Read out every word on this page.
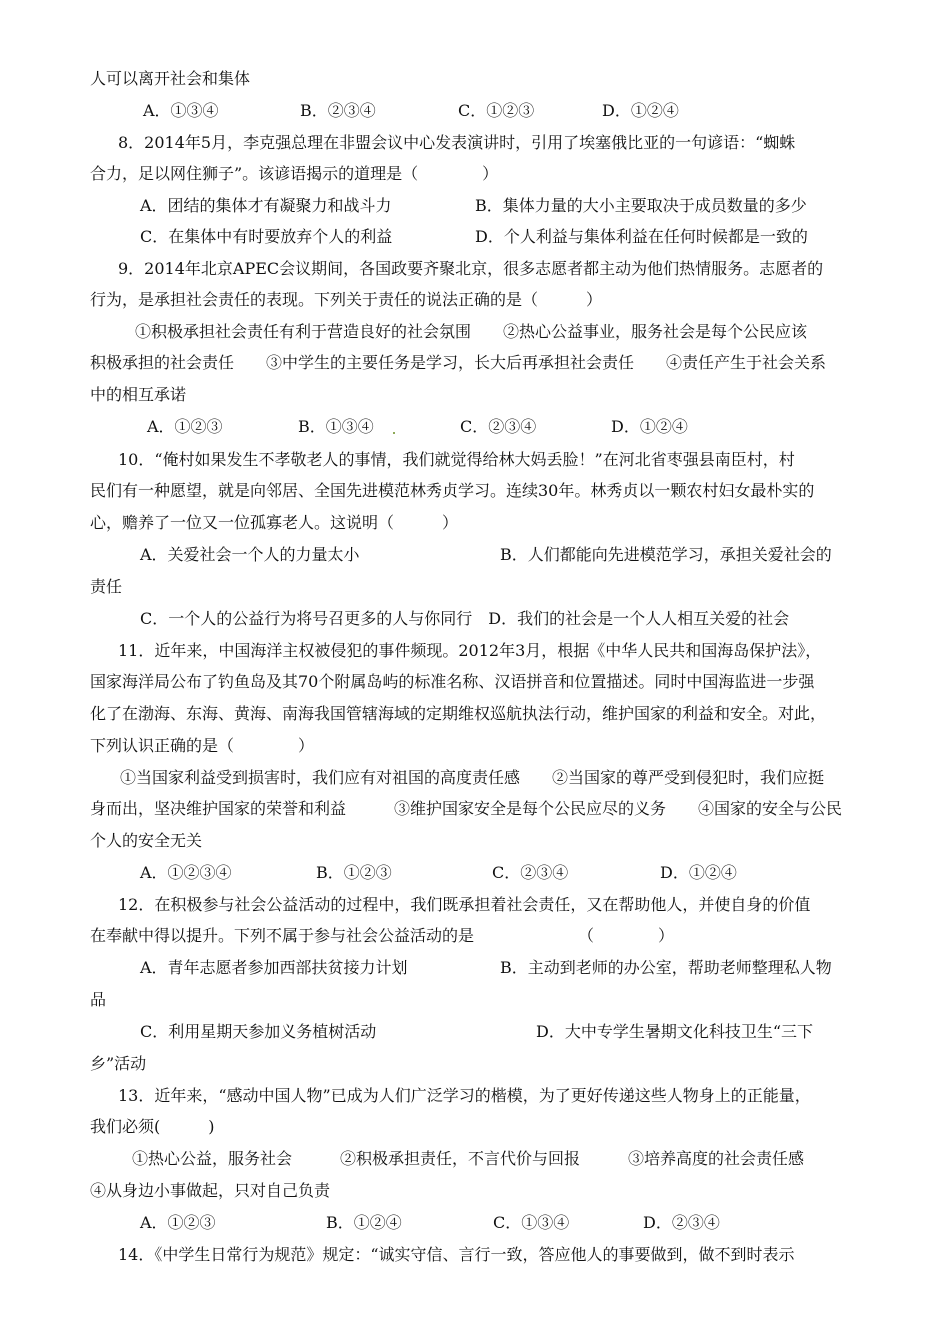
人可以离开社会和集体
A．①③④	B．②③④	C．①②③	D．①②④
8．2014年5月，李克强总理在非盟会议中心发表演讲时，引用了埃塞俄比亚的一句谚语：“蜘蛛
合力，足以网住狮子”。该谚语揭示的道理是（　　　　）
A．团结的集体才有凝聚力和战斗力	B．集体力量的大小主要取决于成员数量的多少
C．在集体中有时要放弃个人的利益	D．个人利益与集体利益在任何时候都是一致的
9．2014年北京APEC会议期间，各国政要齐聚北京，很多志愿者都主动为他们热情服务。志愿者的
行为，是承担社会责任的表现。下列关于责任的说法正确的是（　　　）
①积极承担社会责任有利于营造良好的社会氛围　　②热心公益事业，服务社会是每个公民应该
积极承担的社会责任　　③中学生的主要任务是学习，长大后再承担社会责任　　④责任产生于社会关系
中的相互承诺
A．①②③	B．①③④	C．②③④	D．①②④
10．“俺村如果发生不孝敬老人的事情，我们就觉得给林大妈丢脸！”在河北省枣强县南臣村，村
民们有一种愿望，就是向邻居、全国先进模范林秀贞学习。连续30年。林秀贞以一颗农村妇女最朴实的
心，赡养了一位又一位孤寡老人。这说明（　　　）
A．关爱社会一个人的力量太小	B．人们都能向先进模范学习，承担关爱社会的
责任
C．一个人的公益行为将号召更多的人与你同行　D．我们的社会是一个人人相互关爱的社会
11．近年来，中国海洋主权被侵犯的事件频现。2012年3月，根据《中华人民共和国海岛保护法》，
国家海洋局公布了钓鱼岛及其70个附属岛屿的标准名称、汉语拼音和位置描述。同时中国海监进一步强
化了在渤海、东海、黄海、南海我国管辖海域的定期维权巡航执法行动，维护国家的利益和安全。对此，
下列认识正确的是（　　　　）
①当国家利益受到损害时，我们应有对祖国的高度责任感　　②当国家的尊严受到侵犯时，我们应挺
身而出，坚决维护国家的荣誉和利益　　　③维护国家安全是每个公民应尽的义务　　④国家的安全与公民
个人的安全无关
A．①②③④	B．①②③	C．②③④	D．①②④
12．在积极参与社会公益活动的过程中，我们既承担着社会责任，又在帮助他人，并使自身的价值
在奉献中得以提升。下列不属于参与社会公益活动的是　　　　　　　（　　　　）
A．青年志愿者参加西部扶贫接力计划	B．主动到老师的办公室，帮助老师整理私人物
品
C．利用星期天参加义务植树活动	D．大中专学生暑期文化科技卫生“三下
乡”活动
13．近年来，“感动中国人物”已成为人们广泛学习的楷模，为了更好传递这些人物身上的正能量，
我们必须(　　　)
①热心公益，服务社会　　　②积极承担责任，不言代价与回报　　　③培养高度的社会责任感
④从身边小事做起，只对自己负责
A．①②③	B．①②④	C．①③④	D．②③④
14．《中学生日常行为规范》规定：“诚实守信、言行一致，答应他人的事要做到，做不到时表示
